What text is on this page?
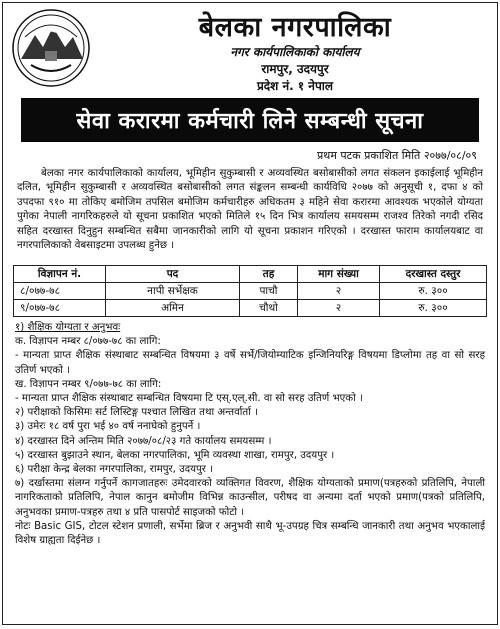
बेलका नगरपालिका
नगर कार्यपालिकाको कार्यालय
रामपुर, उदयपुर
प्रदेश नं. १ नेपाल
सेवा करारमा कर्मचारी लिने सम्बन्धी सूचना
प्रथम पटक प्रकाशित मिति २०७७/०८/०९

बेलका नगर कार्यपालिकाको कार्यालय, भूमिहीन सुकुम्बासी र अव्यवस्थित बसोबासीको लगत संकलन इकाईलाई भूमिहीन दलित, भूमिहीन सुकुम्बासी र अव्यवस्थित बसोबासीको लगत संङ्कलन सम्बन्धी कार्यविधि २०७७ को अनुसूची १, दफा ४ को उपदफा ९१० मा तोकिए बमोजिम तपसिल बमोजिम कर्मचारीहरु अधिकतम ३ महिने सेवा करारमा आवश्यक भएकोले योग्यता पुगेका नेपाली नागरिकहरुले यो सूचना प्रकाशित भएको मितिले १५ दिन भित्र कार्यालय समयसम्म राजश्व तिरेको नगदी रसिद सहित दरखास्त दिनुहुन सम्बन्धित सबैमा जानकारीको लागि यो सूचना प्रकाशन गरिएको । दरखास्त फाराम कार्यालयबाट वा नगरपालिकाको वेबसाइटमा उपलब्ध हुनेछ ।

विज्ञापन नं.	पद	तह	माग संख्या	दरखास्त दस्तुर
८/०७७-७८	नापी सर्भेक्षक	पाचौ	२	रु. ३००
९/०७७-७८	अमिन	चौथो	२	रु. ३००
१) शैक्षिक योग्यता र अनुभवः
क. विज्ञापन नम्बर ८/०७७-७८ का लागि:
- मान्यता प्राप्त शैक्षिक संस्थाबाट सम्बन्धित विषयमा ३ वर्षे सर्भे/जियोम्याटिक इन्जिनियरिङ्ग विषयमा डिप्लोमा तह वा सो सरह उतिर्ण भएको ।
ख. विज्ञापन नम्बर ९/०७७-७८ का लागि:
- मान्यता प्राप्त शैक्षिक संस्थाबाट सम्बन्धित विषयमा टि एस्.एल्.सी. वा सो सरह उतिर्ण भएको ।
२) परीक्षाको किसिमः सर्ट लिस्टिङ्ग पश्चात लिखित तथा अन्तर्वार्ता ।
३) उमेरः १८ वर्ष पुरा भई ४० वर्ष ननाघेको हुनुपर्ने ।
४) दरखास्त दिने अन्तिम मिति २०७७/०८/२३ गते कार्यालय समयसम्म ।
५) दरखास्त बुझाउने स्थान, बेलका नगरपालिका, भूमि व्यवस्था शाखा, रामपुर, उदयपुर ।
६) परीक्षा केन्द्र बेलका नगरपालिका, रामपुर, उदयपुर ।
७) दर्खास्तमा संलग्न गर्नुपर्ने कागजातहरुः उमेदवारको व्यक्तिगत विवरण, शैक्षिक योग्यताको प्रमाण(पत्रहरुको प्रतिलिपि, नेपाली नागरिकताको प्रतिलिपि, नेपाल कानुन बमोजीम विभिन्न काउन्सील, परीषद वा अन्यमा दर्ता भएको प्रमाण(पत्रको प्रतिलिपि, अनुभवका प्रमाण-पत्रहरु तथा ४ प्रति पासपोर्ट साइजको फोटो ।
नोटः Basic GIS, टोटल स्टेशन प्रणाली, सर्भेमा ब्रिज र अनुभवी साथै भू-उपग्रह चित्र सम्बन्धि जानकारी तथा अनुभव भएकालाई विशेष ग्राह्यता दिईनेछ ।
